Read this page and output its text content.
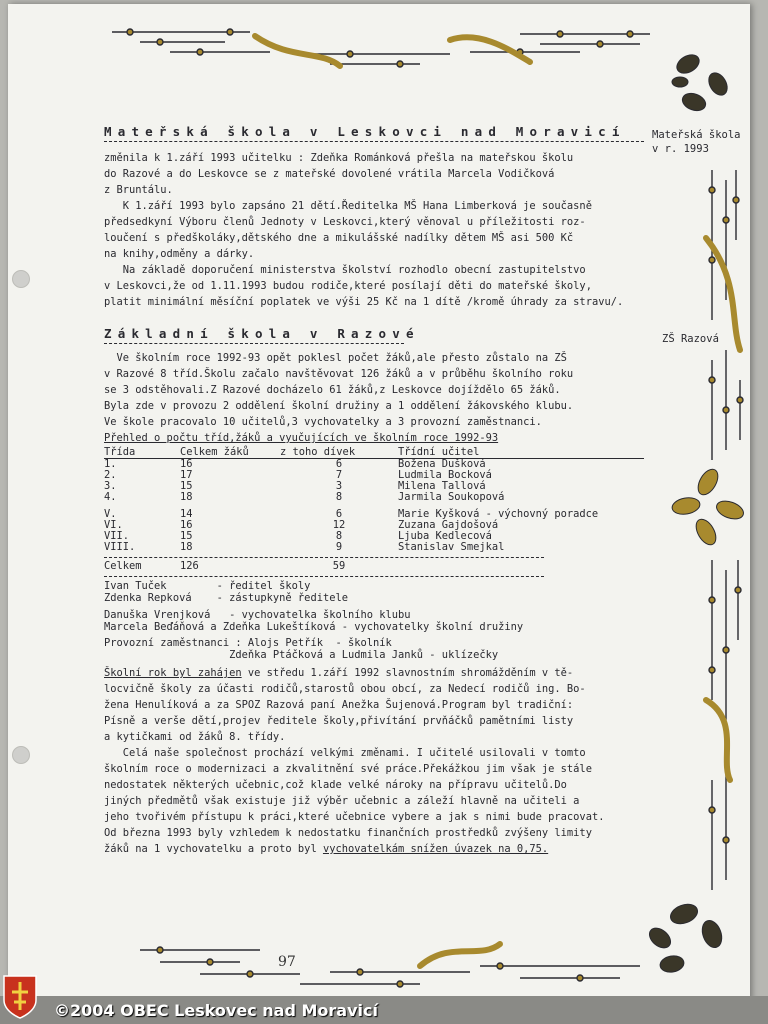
Mateřská škola
v r. 1993
ZŠ Razová
Mateřská škola v Leskovci nad Moravicí

změnila k 1.září 1993 učitelku : Zdeňka Románková přešla na mateřskou školu

do Razové a do Leskovce se z mateřské dovolené vrátila Marcela Vodičková

z Bruntálu.

K 1.září 1993 bylo zapsáno 21 dětí.Ředitelka MŠ Hana Limberková je současně

předsedkyní Výboru členů Jednoty v Leskovci,který věnoval u příležitosti roz-

loučení s předškoláky,dětského dne a mikulášské nadílky dětem MŠ asi 500 Kč

na knihy,odměny a dárky.

Na základě doporučení ministerstva školství rozhodlo obecní zastupitelstvo

v Leskovci,že od 1.11.1993 budou rodiče,které posílají děti do mateřské školy,

platit minimální měsíční poplatek ve výši 25 Kč na 1 dítě /kromě úhrady za stravu/.

Základní škola v Razové

Ve školním roce 1992-93 opět poklesl počet žáků,ale přesto zůstalo na ZŠ

v Razové 8 tříd.Školu začalo navštěvovat 126 žáků a v průběhu školního roku

se 3 odstěhovali.Z Razové docházelo 61 žáků,z Leskovce dojíždělo 65 žáků.

Byla zde v provozu 2 oddělení školní družiny a 1 oddělení žákovského klubu.

Ve škole pracovalo 10 učitelů,3 vychovatelky a 3 provozní zaměstnanci.

Přehled o počtu tříd,žáků a vyučujících ve školním roce 1992-93

Třída	Celkem žáků	z toho dívek	Třídní učitel
1.	16	6	Božena Dušková
2.	17	7	Ludmila Bocková
3.	15	3	Milena Tallová
4.	18	8	Jarmila Soukopová

V.	14	6	Marie Kyšková - výchovný poradce
VI.	16	12	Zuzana Gajdošová
VII.	15	8	Ljuba Kedlecová
VIII.	18	9	Stanislav Smejkal
Celkem	126	59	

Ivan Tuček        - ředitel školy

Zdenka Repková    - zástupkyně ředitele

Danuška Vrenjková   - vychovatelka školního klubu

Marcela Beďáňová a Zdeňka Lukeštíková - vychovatelky školní družiny

Provozní zaměstnanci : Alojs Petřík  - školník

Zdeňka Ptáčková a Ludmila Janků - uklízečky

Školní rok byl zahájen ve středu 1.září 1992 slavnostním shromážděním v tě-

locvičně školy za účasti rodičů,starostů obou obcí, za Nedecí rodičů ing. Bo-

žena Henulíková a za SPOZ Razová paní Anežka Šujenová.Program byl tradiční:

Písně a verše dětí,projev ředitele školy,přivítání prvňáčků pamětními listy

a kytičkami od žáků 8. třídy.

Celá naše společnost prochází velkými změnami. I učitelé usilovali v tomto

školním roce o modernizaci a zkvalitnění své práce.Překážkou jim však je stále

nedostatek některých učebnic,což klade velké nároky na přípravu učitelů.Do

jiných předmětů však existuje již výběr učebnic a záleží hlavně na učiteli a

jeho tvořivém přístupu k práci,které učebnice vybere a jak s nimi bude pracovat.

Od března 1993 byly vzhledem k nedostatku finančních prostředků zvýšeny limity

žáků na 1 vychovatelku a proto byl vychovatelkám snížen úvazek na 0,75.

97
©2004 OBEC Leskovec nad Moravicí
